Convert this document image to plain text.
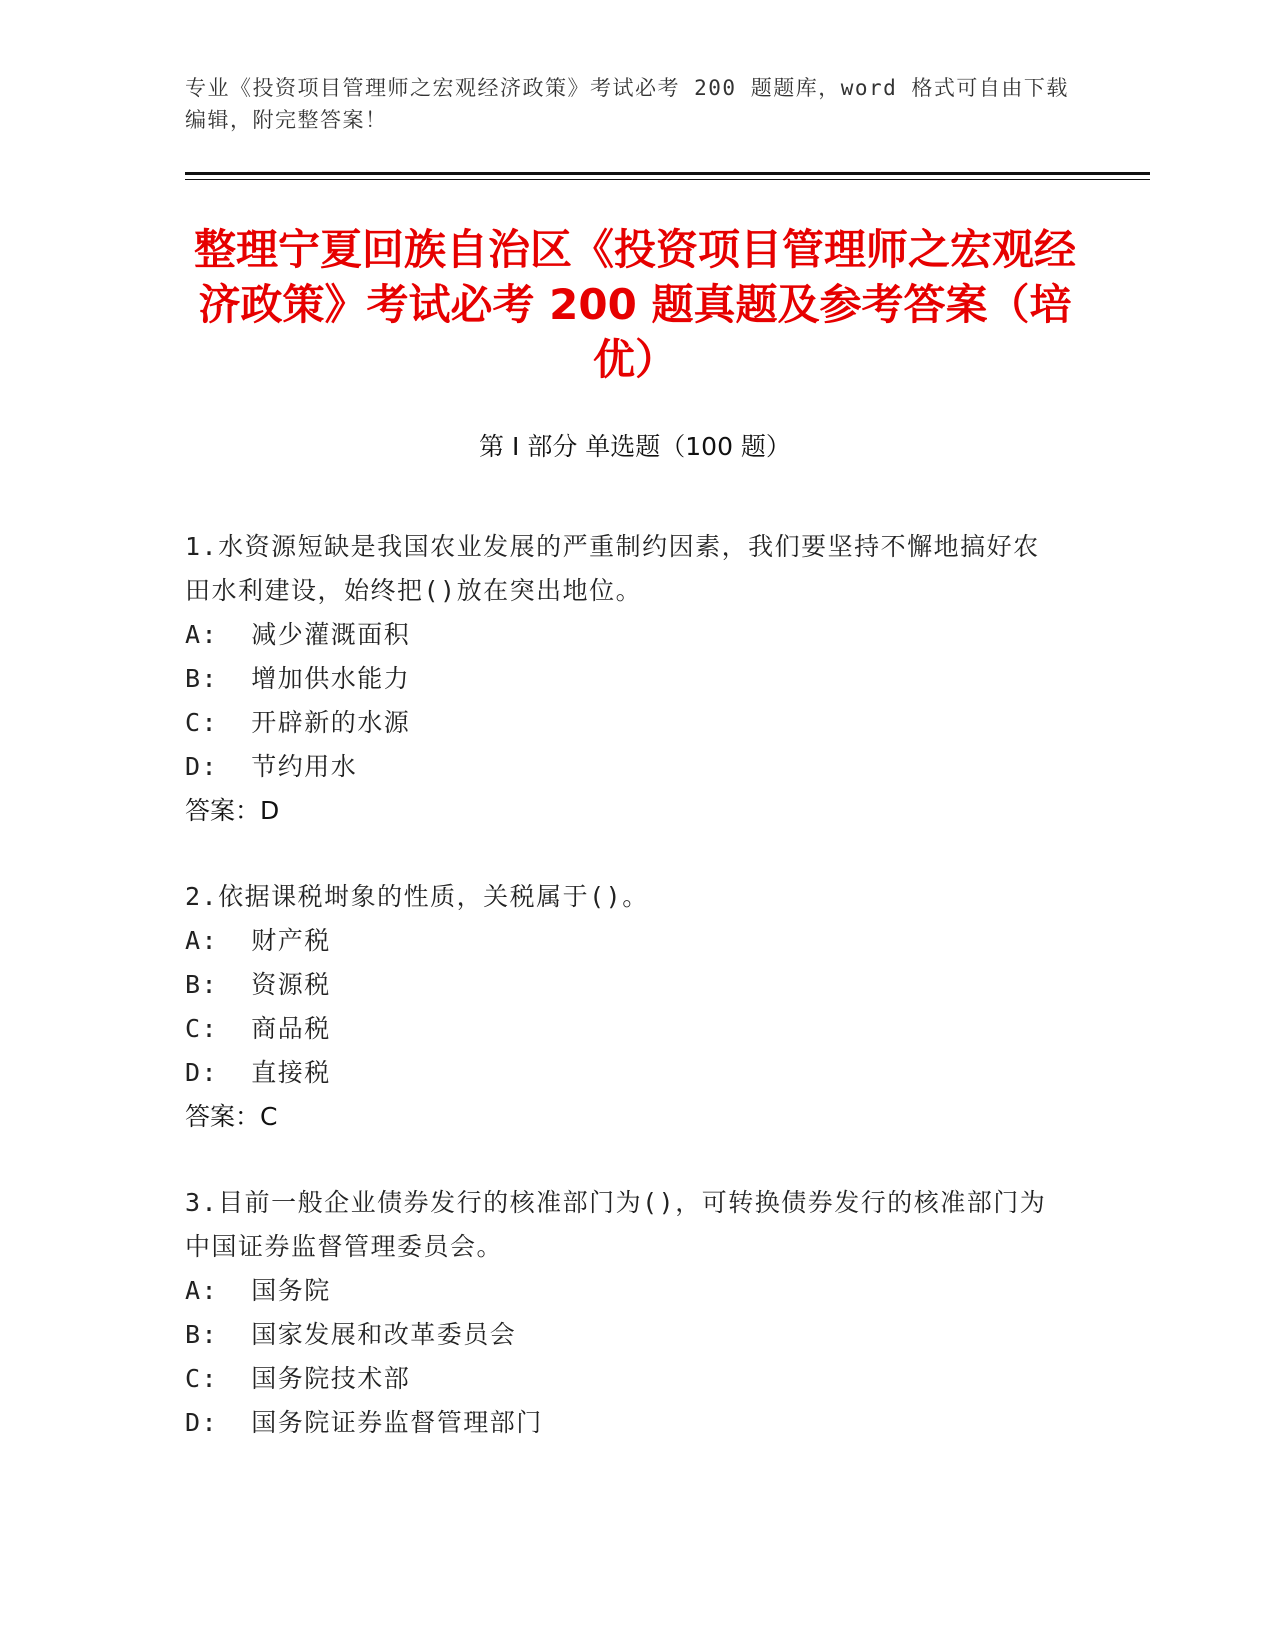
专业《投资项目管理师之宏观经济政策》考试必考 200 题题库，word 格式可自由下载编辑，附完整答案！
整理宁夏回族自治区《投资项目管理师之宏观经济政策》考试必考 200 题真题及参考答案（培优）
第 I 部分 单选题（100 题）
1.水资源短缺是我国农业发展的严重制约因素，我们要坚持不懈地搞好农田水利建设，始终把()放在突出地位。
A:  减少灌溉面积
B:  增加供水能力
C:  开辟新的水源
D:  节约用水
答案：D
2.依据课税埘象的性质，关税属于()。
A:  财产税
B:  资源税
C:  商品税
D:  直接税
答案：C
3.目前一般企业债券发行的核准部门为()，可转换债券发行的核准部门为中国证券监督管理委员会。
A:  国务院
B:  国家发展和改革委员会
C:  国务院技术部
D:  国务院证券监督管理部门
